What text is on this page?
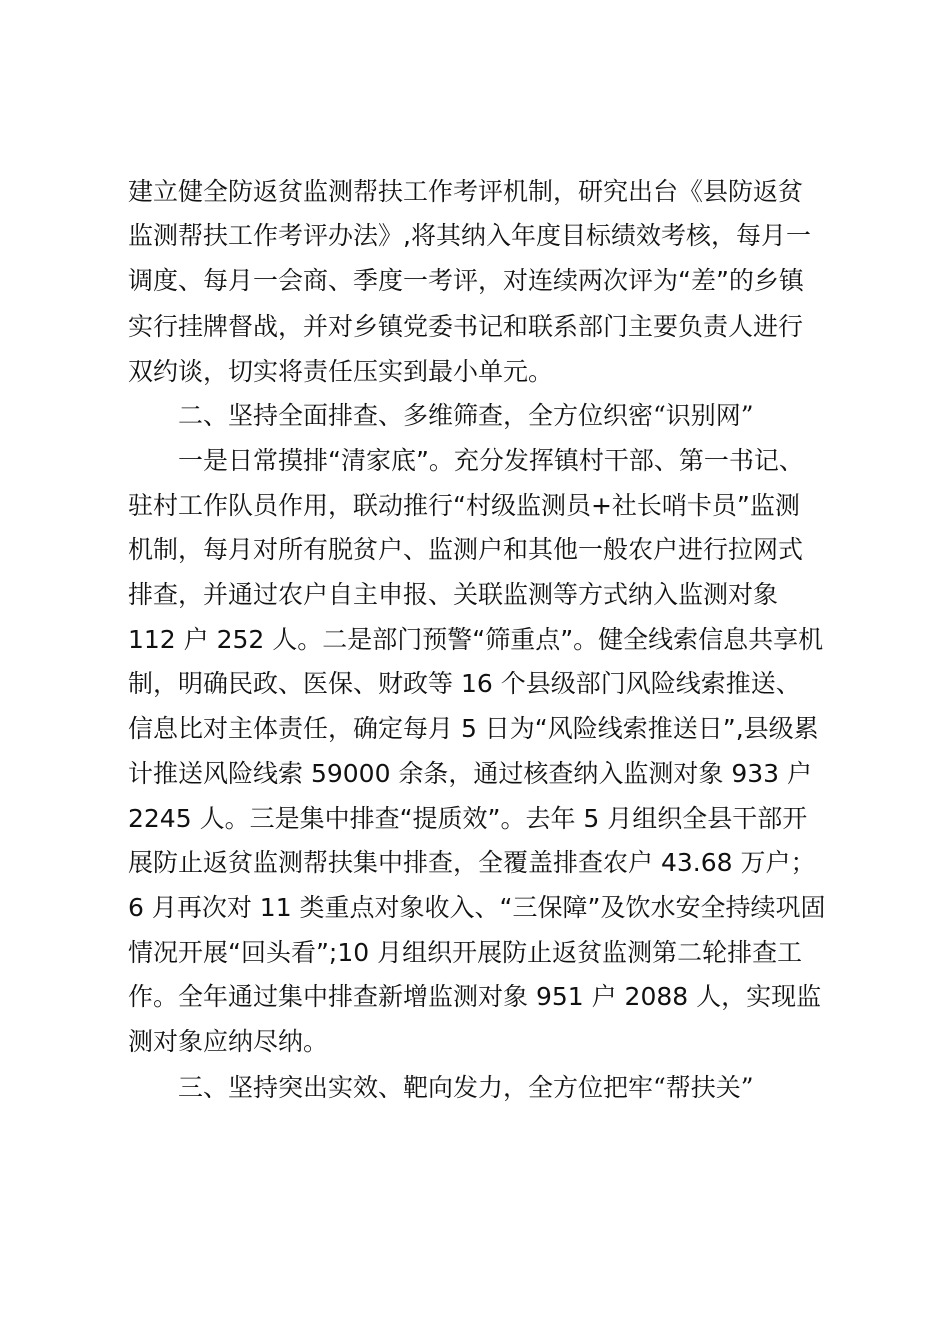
建立健全防返贫监测帮扶工作考评机制，研究出台《县防返贫
监测帮扶工作考评办法》,将其纳入年度目标绩效考核，每月一
调度、每月一会商、季度一考评，对连续两次评为“差”的乡镇
实行挂牌督战，并对乡镇党委书记和联系部门主要负责人进行
双约谈，切实将责任压实到最小单元。
二、坚持全面排查、多维筛查，全方位织密“识别网”
一是日常摸排“清家底”。充分发挥镇村干部、第一书记、
驻村工作队员作用，联动推行“村级监测员+社长哨卡员”监测
机制，每月对所有脱贫户、监测户和其他一般农户进行拉网式
排查，并通过农户自主申报、关联监测等方式纳入监测对象
112 户 252 人。二是部门预警“筛重点”。健全线索信息共享机
制，明确民政、医保、财政等 16 个县级部门风险线索推送、
信息比对主体责任，确定每月 5 日为“风险线索推送日”,县级累
计推送风险线索 59000 余条，通过核查纳入监测对象 933 户
2245 人。三是集中排查“提质效”。去年 5 月组织全县干部开
展防止返贫监测帮扶集中排查，全覆盖排查农户 43.68 万户；
6 月再次对 11 类重点对象收入、“三保障”及饮水安全持续巩固
情况开展“回头看”;10 月组织开展防止返贫监测第二轮排查工
作。全年通过集中排查新增监测对象 951 户 2088 人，实现监
测对象应纳尽纳。
三、坚持突出实效、靶向发力，全方位把牢“帮扶关”
